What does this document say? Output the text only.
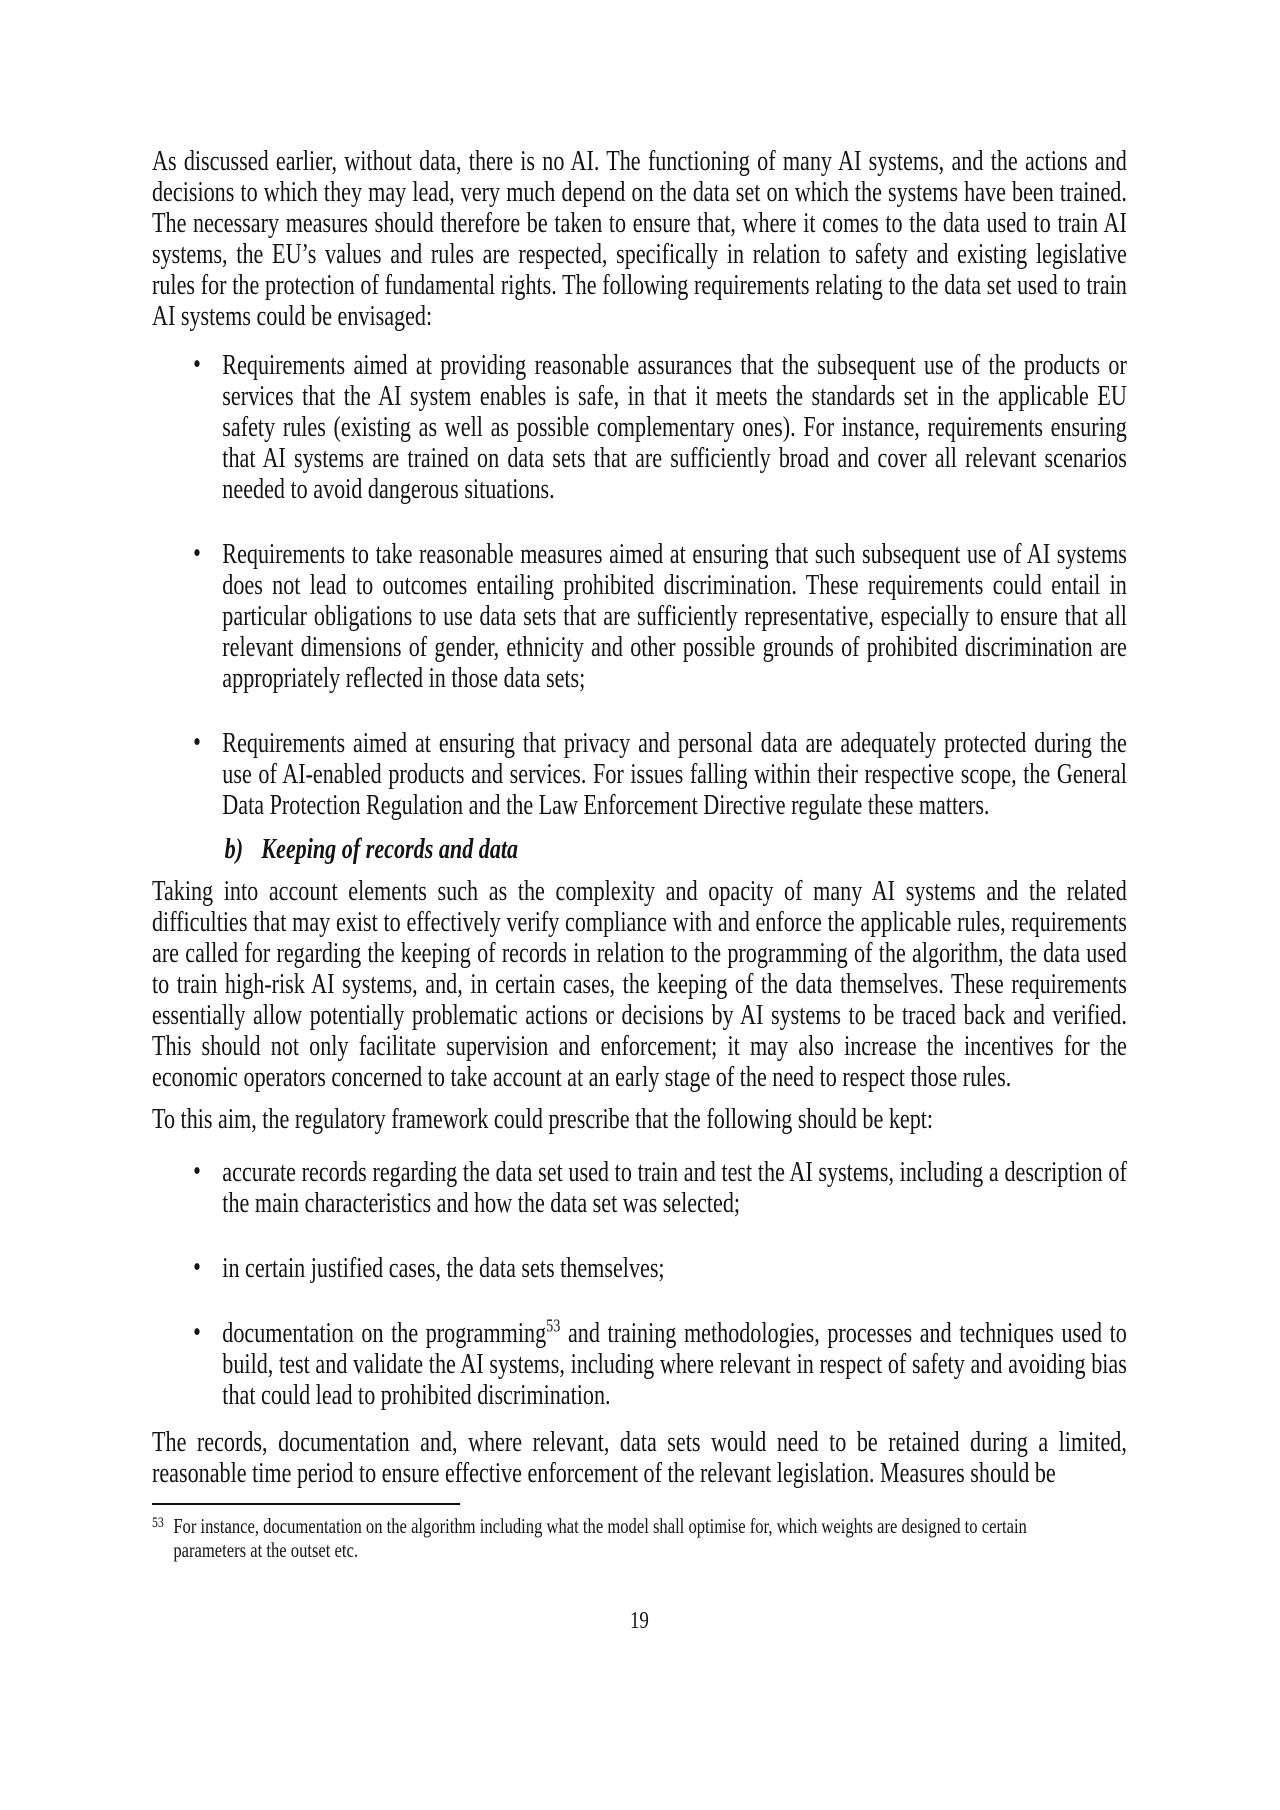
As discussed earlier, without data, there is no AI. The functioning of many AI systems, and the actions and decisions to which they may lead, very much depend on the data set on which the systems have been trained. The necessary measures should therefore be taken to ensure that, where it comes to the data used to train AI systems, the EU’s values and rules are respected, specifically in relation to safety and existing legislative rules for the protection of fundamental rights. The following requirements relating to the data set used to train AI systems could be envisaged:

• Requirements aimed at providing reasonable assurances that the subsequent use of the products or services that the AI system enables is safe, in that it meets the standards set in the applicable EU safety rules (existing as well as possible complementary ones). For instance, requirements ensuring that AI systems are trained on data sets that are sufficiently broad and cover all relevant scenarios needed to avoid dangerous situations.
• Requirements to take reasonable measures aimed at ensuring that such subsequent use of AI systems does not lead to outcomes entailing prohibited discrimination. These requirements could entail in particular obligations to use data sets that are sufficiently representative, especially to ensure that all relevant dimensions of gender, ethnicity and other possible grounds of prohibited discrimination are appropriately reflected in those data sets;
• Requirements aimed at ensuring that privacy and personal data are adequately protected during the use of AI-enabled products and services. For issues falling within their respective scope, the General Data Protection Regulation and the Law Enforcement Directive regulate these matters.
b) Keeping of records and data

Taking into account elements such as the complexity and opacity of many AI systems and the related difficulties that may exist to effectively verify compliance with and enforce the applicable rules, requirements are called for regarding the keeping of records in relation to the programming of the algorithm, the data used to train high-risk AI systems, and, in certain cases, the keeping of the data themselves. These requirements essentially allow potentially problematic actions or decisions by AI systems to be traced back and verified. This should not only facilitate supervision and enforcement; it may also increase the incentives for the economic operators concerned to take account at an early stage of the need to respect those rules.

To this aim, the regulatory framework could prescribe that the following should be kept:

• accurate records regarding the data set used to train and test the AI systems, including a description of the main characteristics and how the data set was selected;
• in certain justified cases, the data sets themselves;
• documentation on the programming$^{53}$ and training methodologies, processes and techniques used to build, test and validate the AI systems, including where relevant in respect of safety and avoiding bias that could lead to prohibited discrimination.

The records, documentation and, where relevant, data sets would need to be retained during a limited, reasonable time period to ensure effective enforcement of the relevant legislation. Measures should be

53 For instance, documentation on the algorithm including what the model shall optimise for, which weights are designed to certain parameters at the outset etc.
19
